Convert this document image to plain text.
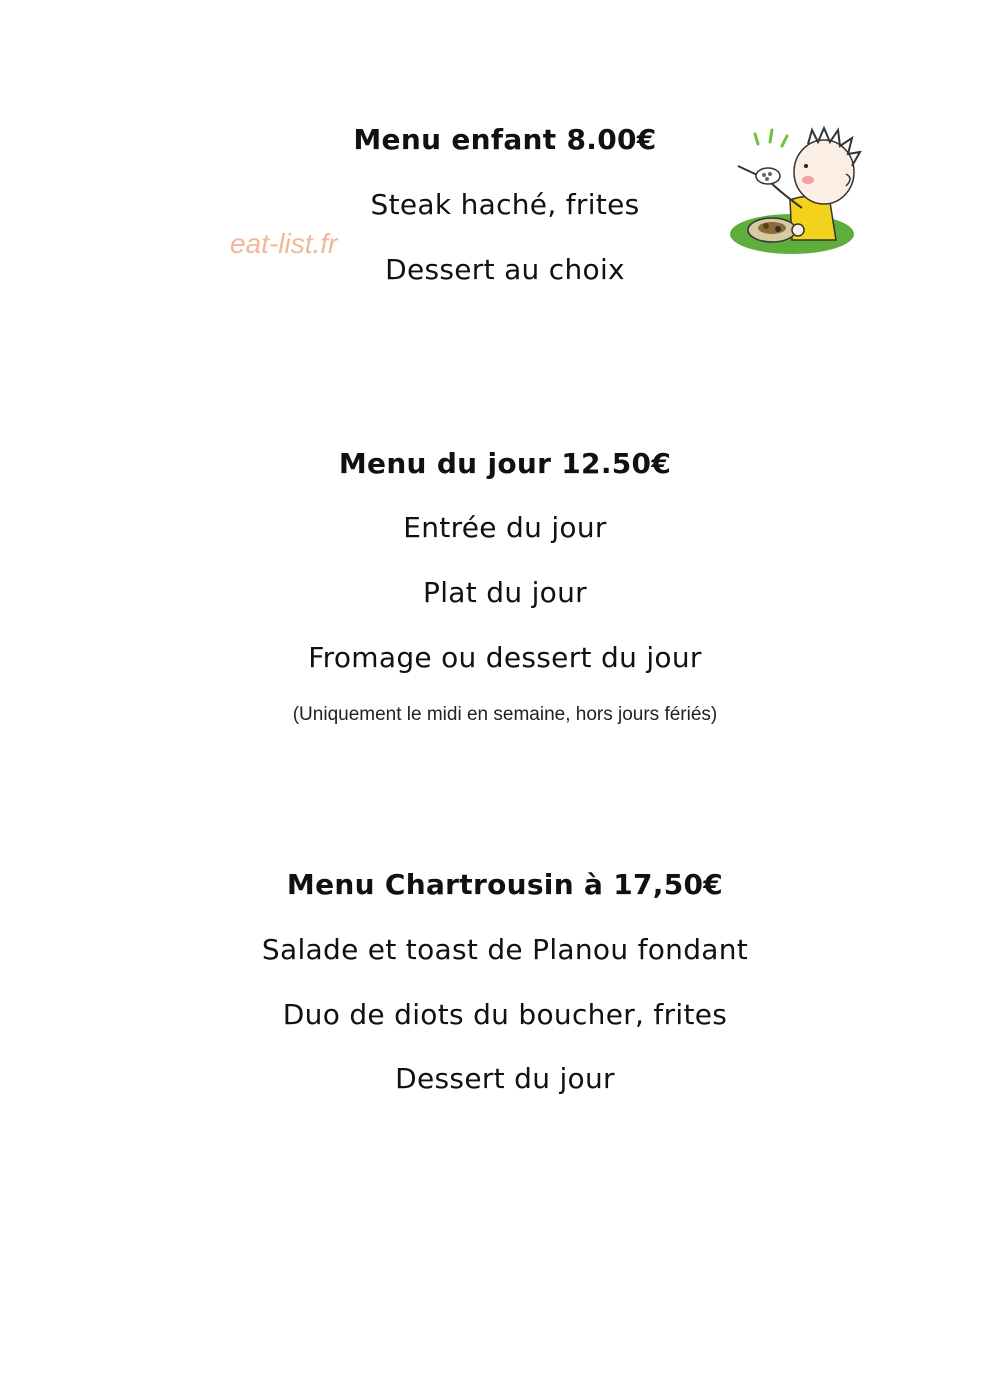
eat-list.fr
Menu enfant 8.00€
Steak haché, frites
Dessert au choix
Menu du jour 12.50€
Entrée du jour
Plat du jour
Fromage ou dessert du jour
(Uniquement le midi en semaine, hors jours fériés)
Menu Chartrousin à 17,50€
Salade et toast de Planou fondant
Duo de diots du boucher, frites
Dessert du jour
